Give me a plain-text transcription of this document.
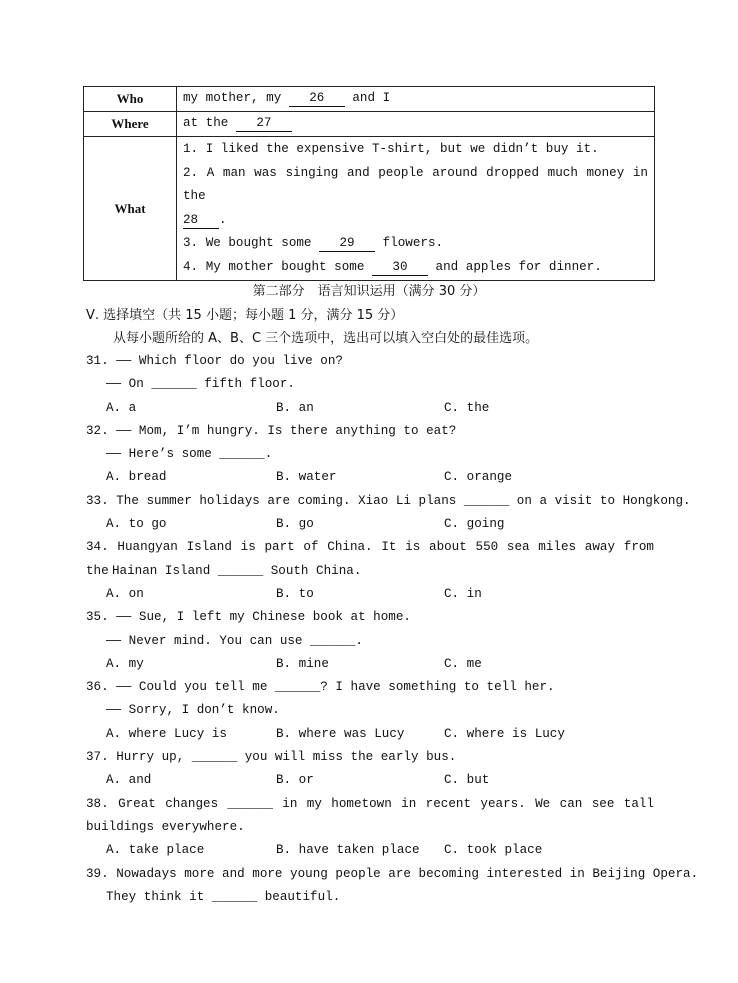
Who	my mother, my 26 and I
Where	at the 27
What	1. I liked the expensive T-shirt, but we didn’t buy it.
2. A man was singing and people around dropped much money in the
28 .
3. We bought some 29 flowers.
4. My mother bought some 30 and apples for dinner.
第二部分　语言知识运用（满分 30 分）
Ⅴ. 选择填空（共 15 小题；每小题 1 分，满分 15 分）
从每小题所给的 A、B、C 三个选项中，选出可以填入空白处的最佳选项。
31. —— Which floor do you live on?
—— On ______ fifth floor.
A. a	B. an	C. the
32. —— Mom, I’m hungry. Is there anything to eat?
—— Here’s some ______.
A. bread	B. water	C. orange
33. The summer holidays are coming. Xiao Li plans ______ on a visit to Hongkong.
A. to go	B. go	C. going
34. Huangyan Island is part of China. It is about 550 sea miles away from the Hainan Island ______ South China.
A. on	B. to	C. in
35. —— Sue, I left my Chinese book at home.
—— Never mind. You can use ______.
A. my	B. mine	C. me
36. —— Could you tell me ______? I have something to tell her.
—— Sorry, I don’t know.
A. where Lucy is	B. where was Lucy	C. where is Lucy
37. Hurry up, ______ you will miss the early bus.
A. and	B. or	C. but
38. Great changes ______ in my hometown in recent years. We can see tall
buildings everywhere.
A. take place	B. have taken place C. took place
39. Nowadays more and more young people are becoming interested in Beijing Opera.
They think it ______ beautiful.
